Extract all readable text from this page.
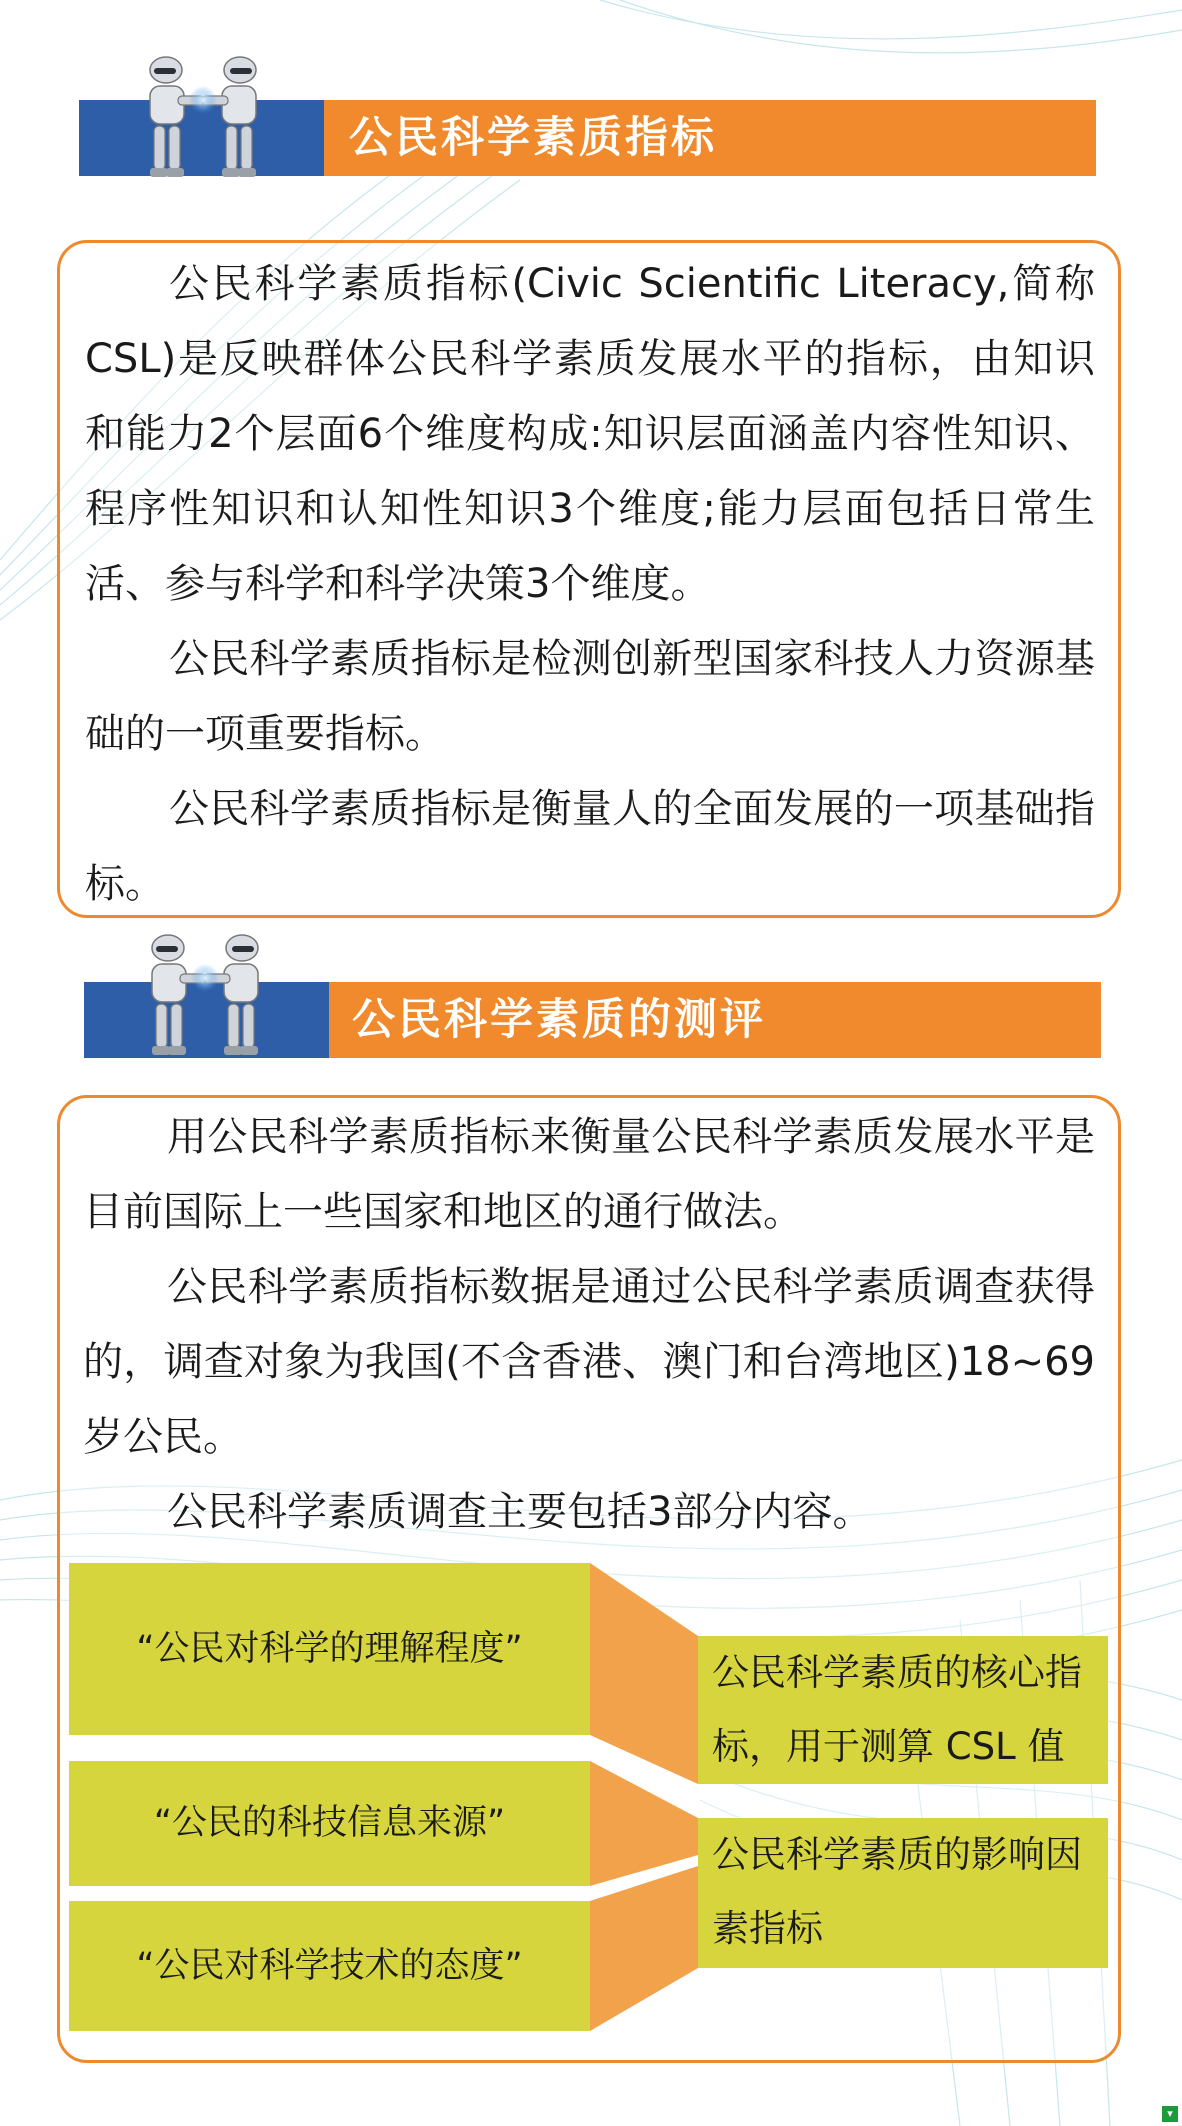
公民科学素质指标

公民科学素质指标(Civic Scientific Literacy,简称CSL)是反映群体公民科学素质发展水平的指标，由知识和能力2个层面6个维度构成:知识层面涵盖内容性知识、程序性知识和认知性知识3个维度;能力层面包括日常生活、参与科学和科学决策3个维度。

公民科学素质指标是检测创新型国家科技人力资源基础的一项重要指标。

公民科学素质指标是衡量人的全面发展的一项基础指标。

公民科学素质的测评

用公民科学素质指标来衡量公民科学素质发展水平是目前国际上一些国家和地区的通行做法。

公民科学素质指标数据是通过公民科学素质调查获得的，调查对象为我国(不含香港、澳门和台湾地区)18~69岁公民。

公民科学素质调查主要包括3部分内容。

“公民对科学的理解程度”
“公民的科技信息来源”
“公民对科学技术的态度”
公民科学素质的核心指
标，用于测算 CSL 值
公民科学素质的影响因
素指标
▾
